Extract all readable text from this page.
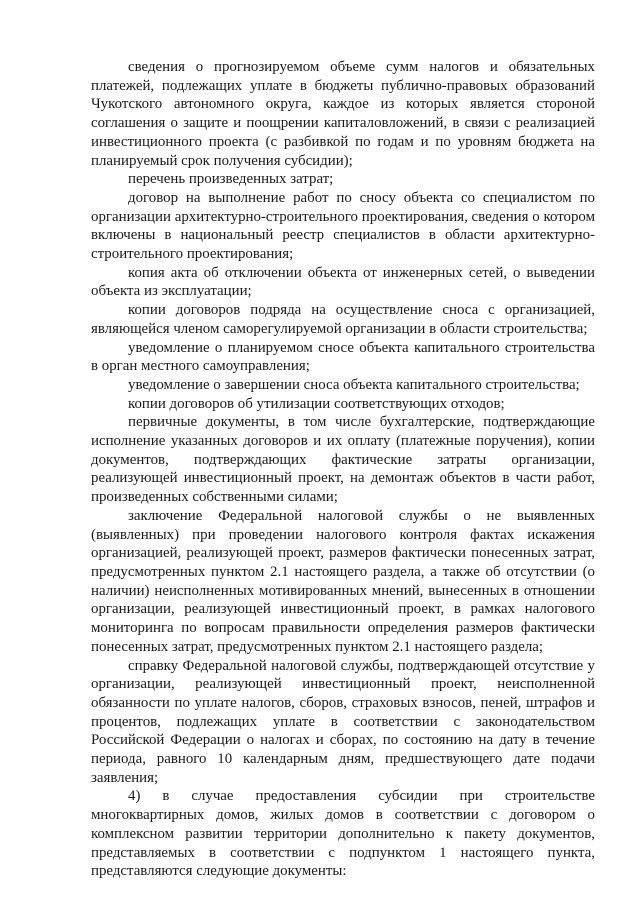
сведения о прогнозируемом объеме сумм налогов и обязательных платежей, подлежащих уплате в бюджеты публично-правовых образований Чукотского автономного округа, каждое из которых является стороной соглашения о защите и поощрении капиталовложений, в связи с реализацией инвестиционного проекта (с разбивкой по годам и по уровням бюджета на планируемый срок получения субсидии);

перечень произведенных затрат;

договор на выполнение работ по сносу объекта со специалистом по организации архитектурно-строительного проектирования, сведения о котором включены в национальный реестр специалистов в области архитектурно-строительного проектирования;

копия акта об отключении объекта от инженерных сетей, о выведении объекта из эксплуатации;

копии договоров подряда на осуществление сноса с организацией, являющейся членом саморегулируемой организации в области строительства;

уведомление о планируемом сносе объекта капитального строительства в орган местного самоуправления;

уведомление о завершении сноса объекта капитального строительства;

копии договоров об утилизации соответствующих отходов;

первичные документы, в том числе бухгалтерские, подтверждающие исполнение указанных договоров и их оплату (платежные поручения), копии документов, подтверждающих фактические затраты организации, реализующей инвестиционный проект, на демонтаж объектов в части работ, произведенных собственными силами;

заключение Федеральной налоговой службы о не выявленных (выявленных) при проведении налогового контроля фактах искажения организацией, реализующей проект, размеров фактически понесенных затрат, предусмотренных пунктом 2.1 настоящего раздела, а также об отсутствии (о наличии) неисполненных мотивированных мнений, вынесенных в отношении организации, реализующей инвестиционный проект, в рамках налогового мониторинга по вопросам правильности определения размеров фактически понесенных затрат, предусмотренных пунктом 2.1 настоящего раздела;

справку Федеральной налоговой службы, подтверждающей отсутствие у организации, реализующей инвестиционный проект, неисполненной обязанности по уплате налогов, сборов, страховых взносов, пеней, штрафов и процентов, подлежащих уплате в соответствии с законодательством Российской Федерации о налогах и сборах, по состоянию на дату в течение периода, равного 10 календарным дням, предшествующего дате подачи заявления;

4) в случае предоставления субсидии при строительстве многоквартирных домов, жилых домов в соответствии с договором о комплексном развитии территории дополнительно к пакету документов, представляемых в соответствии с подпунктом 1 настоящего пункта, представляются следующие документы:
